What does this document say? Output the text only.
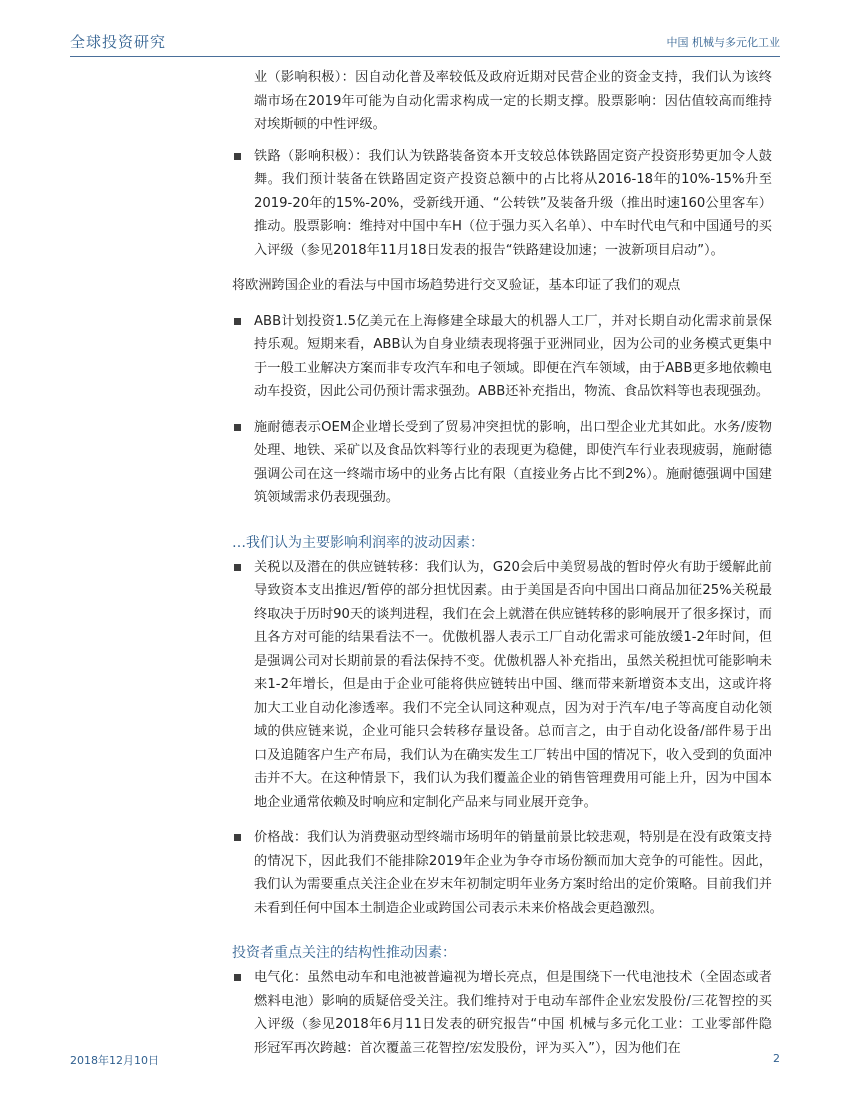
全球投资研究	中国 机械与多元化工业
业（影响积极）：因自动化普及率较低及政府近期对民营企业的资金支持，我们认为该终端市场在2019年可能为自动化需求构成一定的长期支撑。股票影响：因估值较高而维持对埃斯顿的中性评级。
铁路（影响积极）：我们认为铁路装备资本开支较总体铁路固定资产投资形势更加令人鼓舞。我们预计装备在铁路固定资产投资总额中的占比将从2016-18年的10%-15%升至2019-20年的15%-20%，受新线开通、“公转铁”及装备升级（推出时速160公里客车）推动。股票影响：维持对中国中车H（位于强力买入名单）、中车时代电气和中国通号的买入评级（参见2018年11月18日发表的报告“铁路建设加速；一波新项目启动”）。
将欧洲跨国企业的看法与中国市场趋势进行交叉验证，基本印证了我们的观点
ABB计划投资1.5亿美元在上海修建全球最大的机器人工厂，并对长期自动化需求前景保持乐观。短期来看，ABB认为自身业绩表现将强于亚洲同业，因为公司的业务模式更集中于一般工业解决方案而非专攻汽车和电子领域。即便在汽车领域，由于ABB更多地依赖电动车投资，因此公司仍预计需求强劲。ABB还补充指出，物流、食品饮料等也表现强劲。
施耐德表示OEM企业增长受到了贸易冲突担忧的影响，出口型企业尤其如此。水务/废物处理、地铁、采矿以及食品饮料等行业的表现更为稳健，即使汽车行业表现疲弱，施耐德强调公司在这一终端市场中的业务占比有限（直接业务占比不到2%）。施耐德强调中国建筑领域需求仍表现强劲。
…我们认为主要影响利润率的波动因素：
关税以及潜在的供应链转移：我们认为，G20会后中美贸易战的暂时停火有助于缓解此前导致资本支出推迟/暂停的部分担忧因素。由于美国是否向中国出口商品加征25%关税最终取决于历时90天的谈判进程，我们在会上就潜在供应链转移的影响展开了很多探讨，而且各方对可能的结果看法不一。优傲机器人表示工厂自动化需求可能放缓1-2年时间，但是强调公司对长期前景的看法保持不变。优傲机器人补充指出，虽然关税担忧可能影响未来1-2年增长，但是由于企业可能将供应链转出中国、继而带来新增资本支出，这或许将加大工业自动化渗透率。我们不完全认同这种观点，因为对于汽车/电子等高度自动化领域的供应链来说，企业可能只会转移存量设备。总而言之，由于自动化设备/部件易于出口及追随客户生产布局，我们认为在确实发生工厂转出中国的情况下，收入受到的负面冲击并不大。在这种情景下，我们认为我们覆盖企业的销售管理费用可能上升，因为中国本地企业通常依赖及时响应和定制化产品来与同业展开竞争。
价格战：我们认为消费驱动型终端市场明年的销量前景比较悲观，特别是在没有政策支持的情况下，因此我们不能排除2019年企业为争夺市场份额而加大竞争的可能性。因此，我们认为需要重点关注企业在岁末年初制定明年业务方案时给出的定价策略。目前我们并未看到任何中国本土制造企业或跨国公司表示未来价格战会更趋激烈。
投资者重点关注的结构性推动因素：
电气化：虽然电动车和电池被普遍视为增长亮点，但是围绕下一代电池技术（全固态或者燃料电池）影响的质疑倍受关注。我们维持对于电动车部件企业宏发股份/三花智控的买入评级（参见2018年6月11日发表的研究报告“中国 机械与多元化工业：工业零部件隐形冠军再次跨越：首次覆盖三花智控/宏发股份，评为买入”），因为他们在
2018年12月10日	2
